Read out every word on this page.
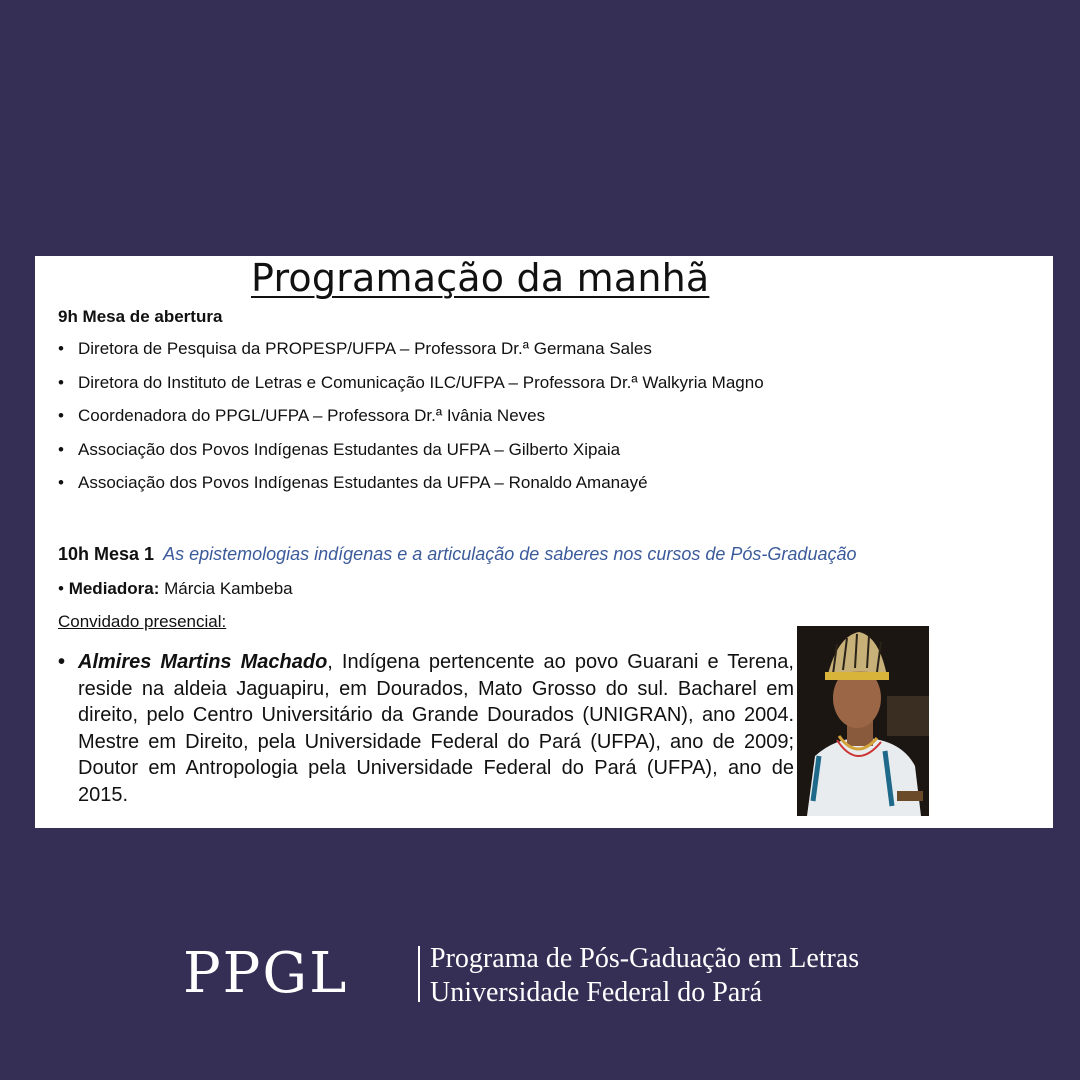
Programação da manhã
9h Mesa de abertura
• Diretora de Pesquisa da PROPESP/UFPA – Professora Dr.ª Germana Sales
• Diretora do Instituto de Letras e Comunicação ILC/UFPA – Professora Dr.ª Walkyria Magno
• Coordenadora do PPGL/UFPA – Professora Dr.ª Ivânia Neves
• Associação dos Povos Indígenas Estudantes da UFPA – Gilberto Xipaia
• Associação dos Povos Indígenas Estudantes da UFPA – Ronaldo Amanayé
10h Mesa 1 As epistemologias indígenas e a articulação de saberes nos cursos de Pós-Graduação
• Mediadora: Márcia Kambeba
Convidado presencial:
• Almires Martins Machado, Indígena pertencente ao povo Guarani e Terena, reside na aldeia Jaguapiru, em Dourados, Mato Grosso do sul. Bacharel em direito, pelo Centro Universitário da Grande Dourados (UNIGRAN), ano 2004. Mestre em Direito, pela Universidade Federal do Pará (UFPA), ano de 2009; Doutor em Antropologia pela Universidade Federal do Pará (UFPA), ano de 2015.
PPGL	Programa de Pós-Gaduação em Letras
Universidade Federal do Pará
